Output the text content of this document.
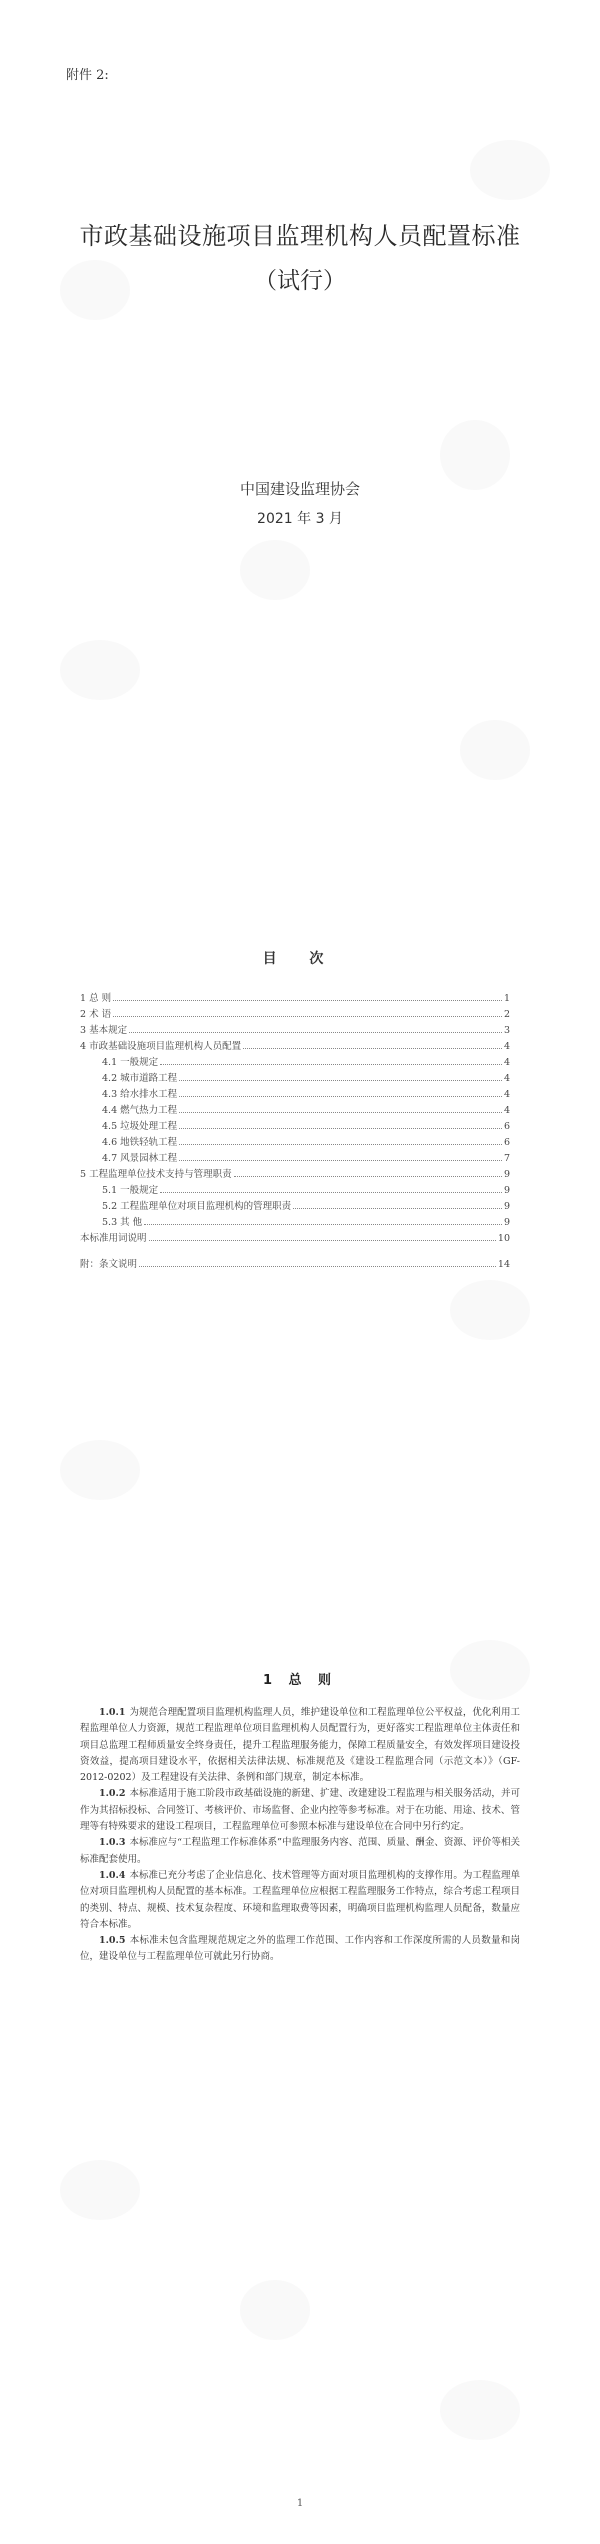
附件 2:
市政基础设施项目监理机构人员配置标准
（试行）
中国建设监理协会
2021 年 3 月
目 次
1 总 则	1
2 术 语	2
3 基本规定	3
4 市政基础设施项目监理机构人员配置	4
4.1 一般规定	4
4.2 城市道路工程	4
4.3 给水排水工程	4
4.4 燃气热力工程	4
4.5 垃圾处理工程	6
4.6 地铁轻轨工程	6
4.7 风景园林工程	7
5 工程监理单位技术支持与管理职责	9
5.1 一般规定	9
5.2 工程监理单位对项目监理机构的管理职责	9
5.3 其 他	9
本标准用词说明	10
附：条文说明	14
1 总 则

1.0.1 为规范合理配置项目监理机构监理人员，维护建设单位和工程监理单位公平权益，优化利用工程监理单位人力资源，规范工程监理单位项目监理机构人员配置行为，更好落实工程监理单位主体责任和项目总监理工程师质量安全终身责任，提升工程监理服务能力，保障工程质量安全，有效发挥项目建设投资效益，提高项目建设水平，依据相关法律法规、标准规范及《建设工程监理合同（示范文本）》（GF-2012-0202）及工程建设有关法律、条例和部门规章，制定本标准。

1.0.2 本标准适用于施工阶段市政基础设施的新建、扩建、改建建设工程监理与相关服务活动，并可作为其招标投标、合同签订、考核评价、市场监督、企业内控等参考标准。对于在功能、用途、技术、管理等有特殊要求的建设工程项目，工程监理单位可参照本标准与建设单位在合同中另行约定。

1.0.3 本标准应与“工程监理工作标准体系”中监理服务内容、范围、质量、酬金、资源、评价等相关标准配套使用。

1.0.4 本标准已充分考虑了企业信息化、技术管理等方面对项目监理机构的支撑作用。为工程监理单位对项目监理机构人员配置的基本标准。工程监理单位应根据工程监理服务工作特点，综合考虑工程项目的类别、特点、规模、技术复杂程度、环境和监理取费等因素，明确项目监理机构监理人员配备，数量应符合本标准。

1.0.5 本标准未包含监理规范规定之外的监理工作范围、工作内容和工作深度所需的人员数量和岗位，建设单位与工程监理单位可就此另行协商。

1
